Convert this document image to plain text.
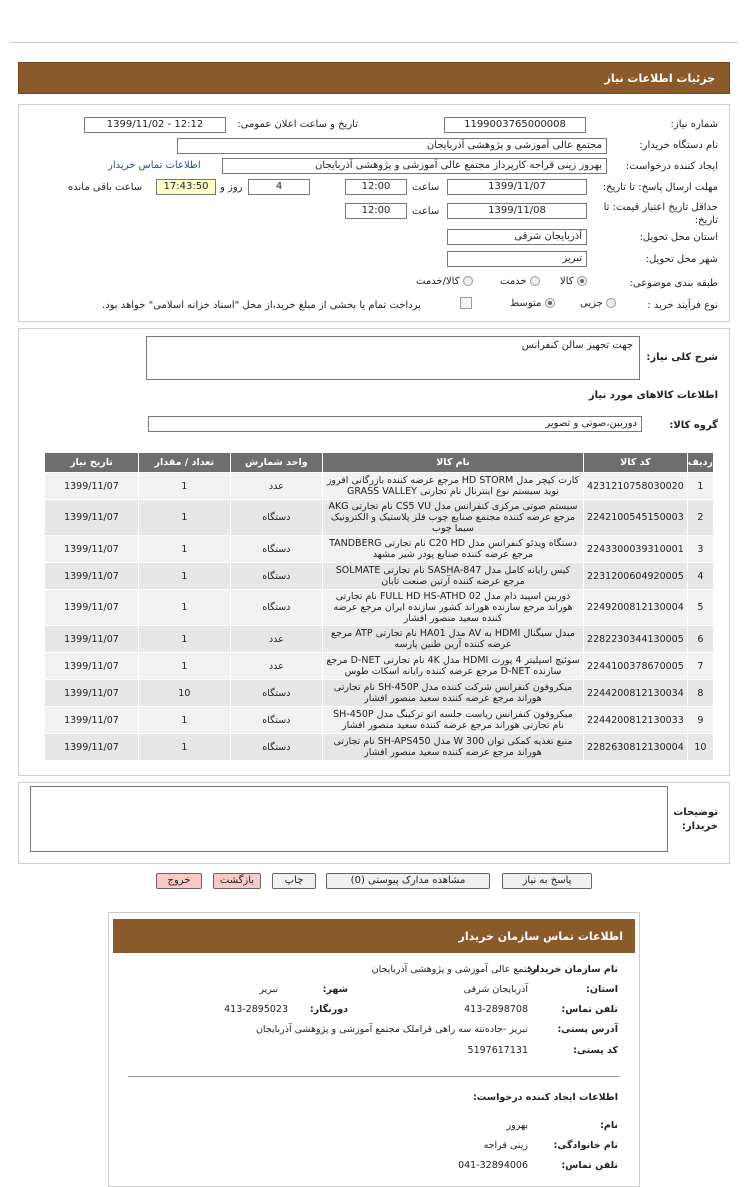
جزئیات اطلاعات نیاز
شماره نیاز:
1199003765000008
تاریخ و ساعت اعلان عمومی:
1399/11/02 - 12:12
نام دستگاه خریدار:
مجتمع عالی آموزشی و پژوهشی آذربایجان
ایجاد کننده درخواست:
بهروز زینی قراجه کارپرداز مجتمع عالی آموزشی و پژوهشی آذربایجان
اطلاعات تماس خریدار
مهلت ارسال پاسخ: تا تاریخ:
1399/11/07
ساعت
12:00
4
روز و
17:43:50
ساعت باقی مانده
حداقل تاریخ اعتبار قیمت: تا تاریخ:
1399/11/08
ساعت
12:00
استان محل تحویل:
آذربایجان شرقی
شهر محل تحویل:
تبریز
طبقه بندی موضوعی:
کالا
خدمت
کالا/خدمت
نوع فرآیند خرید :
جزیی
متوسط
پرداخت تمام یا بخشی از مبلغ خرید،از محل "اسناد خزانه اسلامی" خواهد بود.
شرح کلی نیاز:
جهت تجهیز سالن کنفرانس
اطلاعات کالاهای مورد نیاز
گروه کالا:
دوربین،صوتی و تصویر
ردیف	کد کالا	نام کالا	واحد شمارش	تعداد / مقدار	تاریخ نیاز
1	4231210758030020	کارت کپچر مدل HD STORM مرجع عرضه کننده بازرگانی افروز نوید سیستم نوع اینترنال نام تجارتی GRASS VALLEY	عدد	1	1399/11/07
2	2242100545150003	سیستم صوتی مرکزی کنفرانس مدل CS5 VU نام تجارتی AKG مرجع عرضه کننده مجتمع صنایع چوب فلز پلاستیک و الکترونیک سیما چوب	دستگاه	1	1399/11/07
3	2243300039310001	دستگاه ویدئو کنفرانس مدل C20 HD نام تجارتی TANDBERG مرجع عرضه کننده صنایع پودر شیر مشهد	دستگاه	1	1399/11/07
4	2231200604920005	کیس رایانه کامل مدل SASHA-847 نام تجارتی SOLMATE مرجع عرضه کننده آرتین صنعت تابان	دستگاه	1	1399/11/07
5	2249200812130004	دوربین اسپید دام مدل FULL HD HS-ATHD 02 نام تجارتی هوراند مرجع سازنده هوراند کشور سازنده ایران مرجع عرضه کننده سعید منصور افشار	دستگاه	1	1399/11/07
6	2282230344130005	مبدل سیگنال HDMI به AV مدل HA01 نام تجارتی ATP مرجع عرضه کننده آرین طنین پارسه	عدد	1	1399/11/07
7	2244100378670005	سوئیچ اسپلیتر 4 پورت HDMI مدل 4K نام تجارتی D-NET مرجع سازنده D-NET مرجع عرضه کننده رایانه اسکات طوس	عدد	1	1399/11/07
8	2244200812130034	میکروفون کنفرانس شرکت کننده مدل SH-450P نام تجارتی هوراند مرجع عرضه کننده سعید منصور افشار	دستگاه	10	1399/11/07
9	2244200812130033	میکروفون کنفرانس ریاست جلسه اتو ترکینگ مدل SH-450P نام تجارتی هوراند مرجع عرضه کننده سعید منصور افشار	دستگاه	1	1399/11/07
10	2282630812130004	منبع تغذیه کمکی توان 300 W مدل SH-APS450 نام تجارتی هوراند مرجع عرضه کننده سعید منصور افشار	دستگاه	1	1399/11/07
توضیحات خریدار:
پاسخ به نیاز
مشاهده مدارک پیوستی (0)
چاپ
بازگشت
خروج
اطلاعات تماس سازمان خریدار
نام سازمان خریدار:
مجتمع عالی آموزشی و پژوهشی آذربایجان
استان:
آذربایجان شرقی
شهر:
تبریز
تلفن تماس:
413-2898708
دورنگار:
413-2895023
آدرس پستی:
تبریز -جاده‌تنه سه راهی قراملک مجتمع آموزشی و پژوهشی آذربایجان
کد پستی:
5197617131
اطلاعات ایجاد کننده درخواست:
نام:
بهروز
نام خانوادگی:
زینی قراجه
تلفن تماس:
041-32894006
